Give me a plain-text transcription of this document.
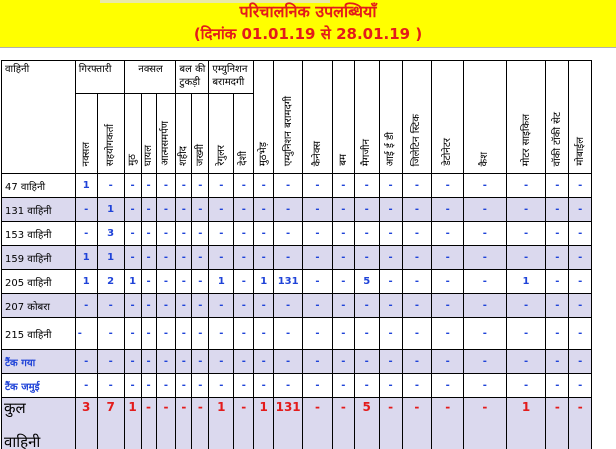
परिचालनिक उपलब्धियाँ
(दिनांक 01.01.19 से 28.01.19 )
वाहिनी	गिरफ्तारी		नक्सल			बल की टुकड़ी		एम्युनिशन बरामदगी		मुठभेड़	एम्युनिशन बरामदगी	कैनेक्स	बम	मैगजीन	आई ई डी	जिलेटिन स्टिक	डेटोनेटर	कैश	मोटर साइकिल	वॉकी टॉकी सेट	मोबाईल
	नक्सल	सहयोगकर्ता	मुठ	घायल	आत्मसमर्पण	शहीद	जख्मी	रेगुलर	देशी												
47 वाहिनी	1	-	-	-	-	-	-	-	-	-	-	-	-	-	-	-	-	-	-	-	-
131 वाहिनी	-	1	-	-	-	-	-	-	-	-	-	-	-	-	-	-	-	-	-	-	-
153 वाहिनी	-	3	-	-	-	-	-	-	-	-	-	-	-	-	-	-	-	-	-	-	-
159 वाहिनी	1	1	-	-	-	-	-	-	-	-	-	-	-	-	-	-	-	-	-	-	-
205 वाहिनी	1	2	1	-	-	-	-	1	-	1	131	-	-	5	-	-	-	-	1	-	-
207 कोबरा	-	-	-	-	-	-	-	-	-	-	-	-	-	-	-	-	-	-	-	-	-
215 वाहिनी	-	-	-	-	-	-	-	-	-	-	-	-	-	-	-	-	-	-	-	-	-
टैंक गया	-	-	-	-	-	-	-	-	-	-	-	-	-	-	-	-	-	-	-	-	-
टैंक जमुई	-	-	-	-	-	-	-	-	-	-	-	-	-	-	-	-	-	-	-	-	-

कुल
वाहिनी	3	7	1	-	-	-	-	1	-	1	131	-	-	5	-	-	-	-	1	-	-
